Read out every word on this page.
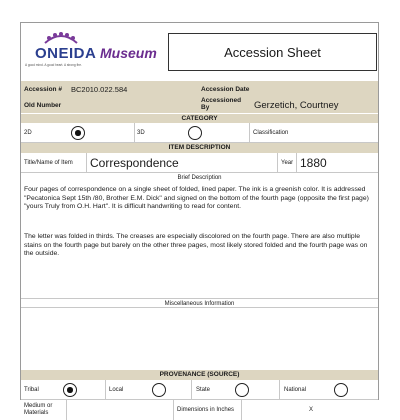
ONEIDA
A good mind. A good heart. A strong fire.
Museum	Accession Sheet
Accession # BC2010.022.584	Accession Date
Old Number
Accessioned By	Gerzetich, Courtney
CATEGORY
2D	3D	Classification
ITEM DESCRIPTION
Title/Name of Item Correspondence	Year 1880
Brief Description
Four pages of correspondence on a single sheet of folded, lined paper. The ink is a greenish color. It is addressed "Pecatonica Sept 15th /80, Brother E.M. Dick" and signed on the bottom of the fourth page (opposite the first page) "yours Truly from O.H. Hart". It is difficult handwriting to read for content.
The letter was folded in thirds. The creases are especially discolored on the fourth page. There are also multiple stains on the fourth page but barely on the other three pages, most likely stored folded and the fourth page was on the outside.
Miscellaneous Information
PROVENANCE (SOURCE)
Tribal	Local	State	National
Medium or Materials	Dimensions in Inches	X
